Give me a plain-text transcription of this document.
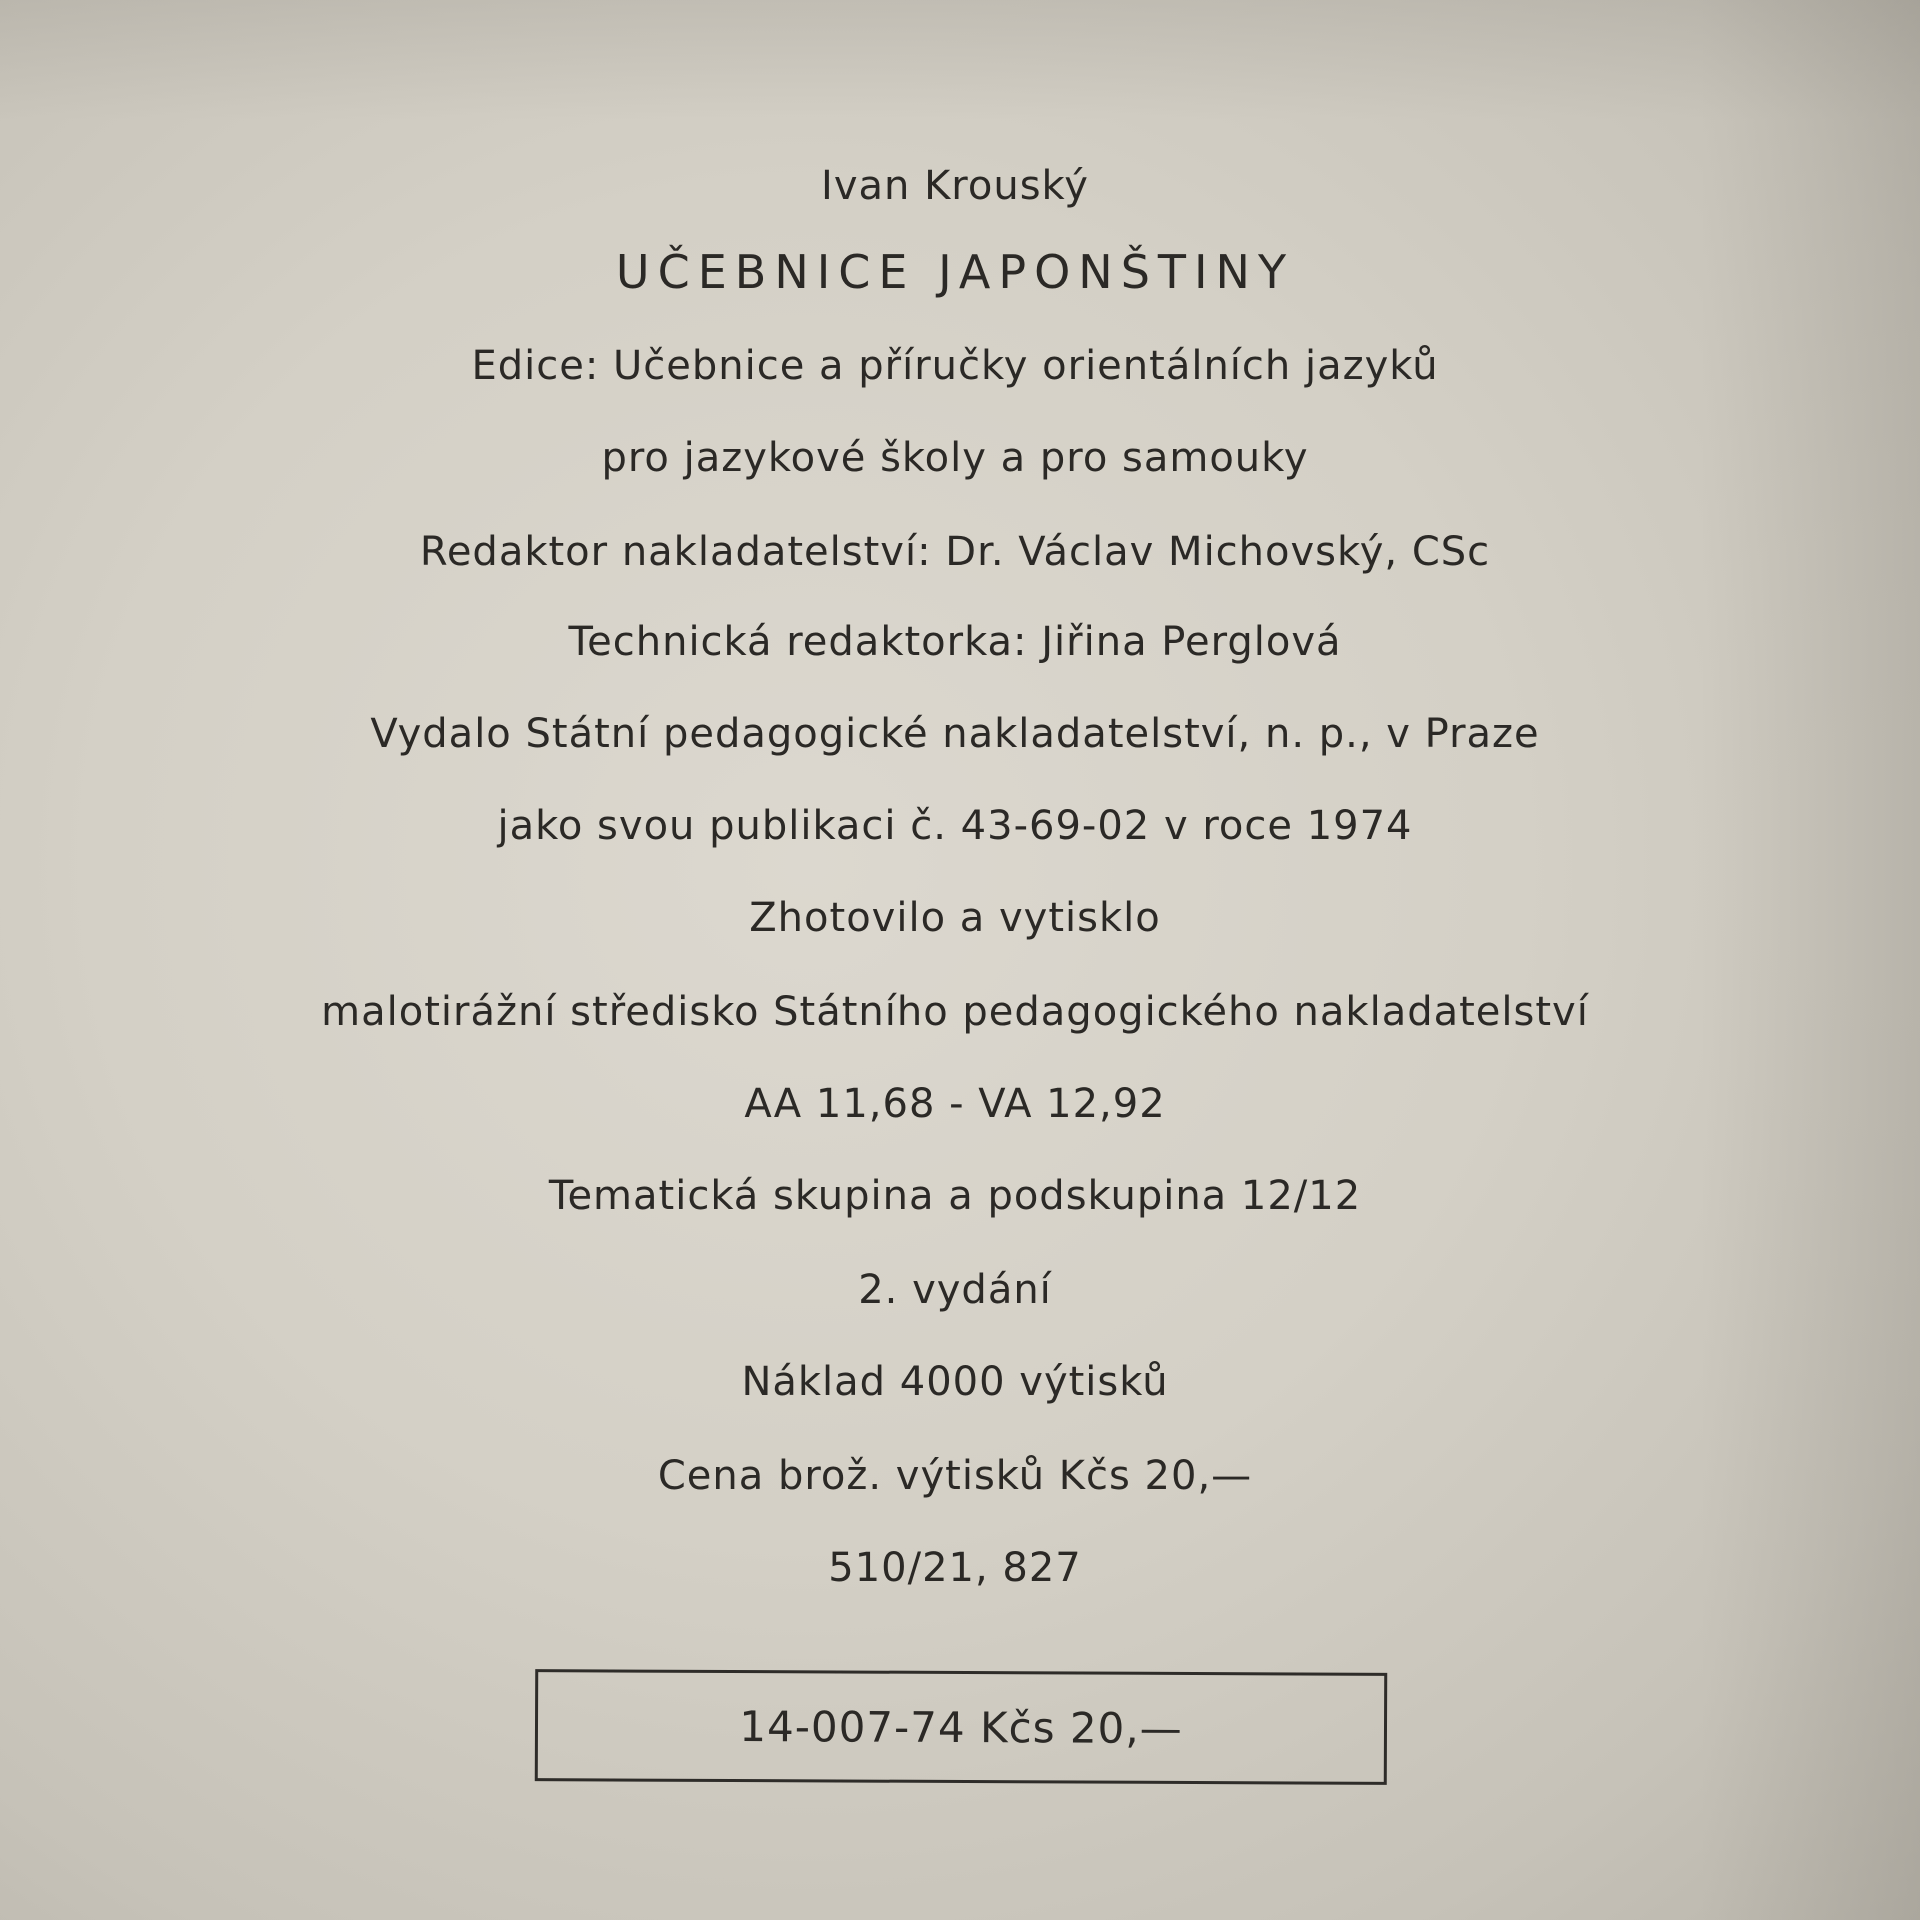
Ivan Krouský
UČEBNICE JAPONŠTINY
Edice: Učebnice a příručky orientálních jazyků
pro jazykové školy a pro samouky
Redaktor nakladatelství: Dr. Václav Michovský, CSc
Technická redaktorka: Jiřina Perglová
Vydalo Státní pedagogické nakladatelství, n. p., v Praze
jako svou publikaci č. 43-69-02 v roce 1974
Zhotovilo a vytisklo
malotirážní středisko Státního pedagogického nakladatelství
AA 11,68 - VA 12,92
Tematická skupina a podskupina 12/12
2. vydání
Náklad 4000 výtisků
Cena brož. výtisků Kčs 20,—
510/21, 827
14-007-74 Kčs 20,—
